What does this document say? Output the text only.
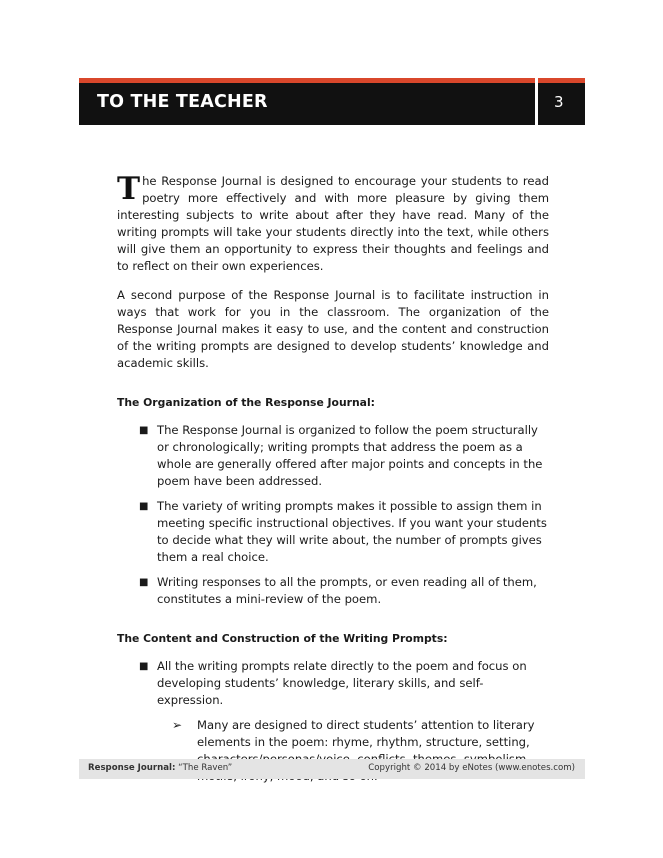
TO THE TEACHER	3

The Response Journal is designed to encourage your students to read poetry more effectively and with more pleasure by giving them interesting subjects to write about after they have read. Many of the writing prompts will take your students directly into the text, while others will give them an opportunity to express their thoughts and feelings and to reflect on their own experiences.

A second purpose of the Response Journal is to facilitate instruction in ways that work for you in the classroom. The organization of the Response Journal makes it easy to use, and the content and construction of the writing prompts are designed to develop students’ knowledge and academic skills.

The Organization of the Response Journal:
■ The Response Journal is organized to follow the poem structurally or chronologically; writing prompts that address the poem as a whole are generally offered after major points and concepts in the poem have been addressed.
■ The variety of writing prompts makes it possible to assign them in meeting specific instructional objectives. If you want your students to decide what they will write about, the number of prompts gives them a real choice.
■ Writing responses to all the prompts, or even reading all of them, constitutes a mini-review of the poem.
The Content and Construction of the Writing Prompts:
■ All the writing prompts relate directly to the poem and focus on developing students’ knowledge, literary skills, and self-expression.
➢ Many are designed to direct students’ attention to literary elements in the poem: rhyme, rhythm, structure, setting,
Response Journal: “The Raven”	Copyright © 2014 by eNotes (www.enotes.com)
